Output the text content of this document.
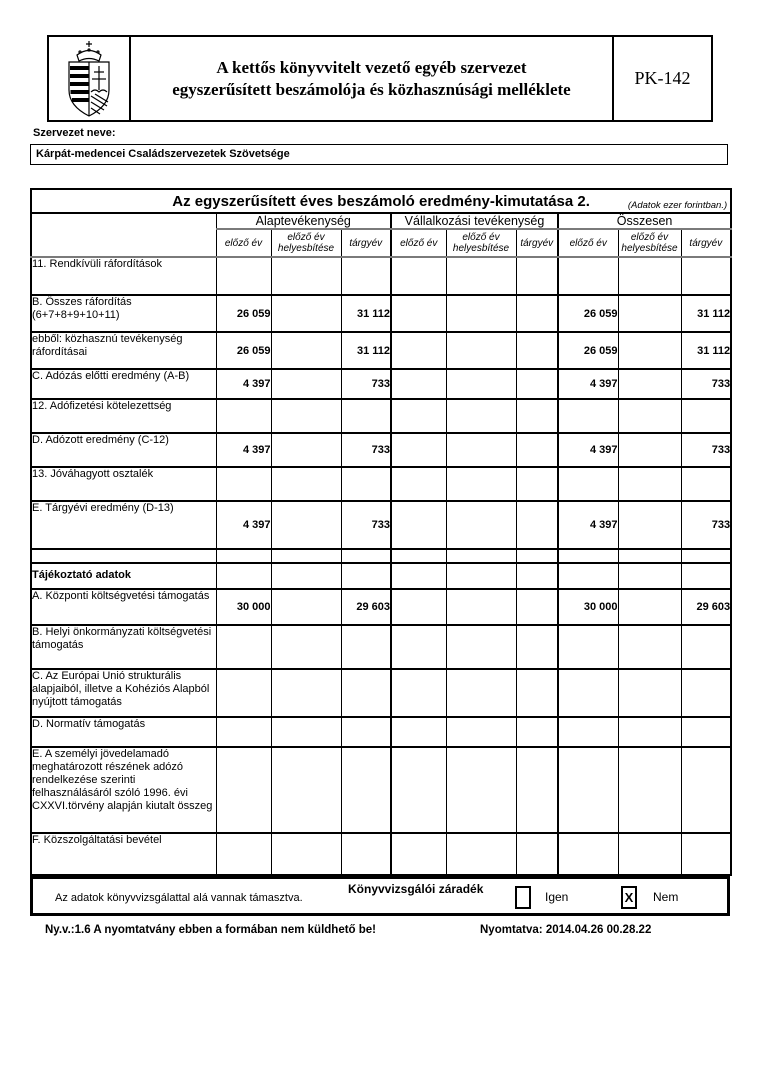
A kettős könyvvitelt vezető egyéb szervezet
egyszerűsített beszámolója és közhasznúsági melléklete
PK-142
Szervezet neve:
Kárpát-medencei Családszervezetek Szövetsége
Az egyszerűsített éves beszámoló eredmény-kimutatása 2. (Adatok ezer forintban.)									

	Alaptevékenység			Vállalkozási tevékenység			Összesen		
	előző év	előző év helyesbítése	tárgyév	előző év	előző év helyesbítése	tárgyév	előző év	előző év helyesbítése	tárgyév
11. Rendkívüli ráfordítások									
B. Összes ráfordítás (6+7+8+9+10+11)	26 059		31 112				26 059		31 112
ebből: közhasznú tevékenység ráfordításai	26 059		31 112				26 059		31 112
C. Adózás előtti eredmény (A-B)	4 397		733				4 397		733
12. Adófizetési kötelezettség									
D. Adózott eredmény (C-12)	4 397		733				4 397		733
13. Jóváhagyott osztalék									
E. Tárgyévi eredmény (D-13)	4 397		733				4 397		733

Tájékoztató adatok									
A. Központi költségvetési támogatás	30 000		29 603				30 000		29 603
B. Helyi önkormányzati költségvetési támogatás									
C. Az Európai Unió strukturális alapjaiból, illetve a Kohéziós Alapból nyújtott támogatás									
D. Normatív támogatás									
E. A személyi jövedelamadó meghatározott részének adózó rendelkezése szerinti felhasználásáról szóló 1996. évi CXXVI.törvény alapján kiutalt összeg									
F. Közszolgáltatási bevétel									
Az adatok könyvvizsgálattal alá vannak támasztva.
Könyvvizsgálói záradék
Igen	X	Nem
Ny.v.:1.6 A nyomtatvány ebben a formában nem küldhető be!	Nyomtatva: 2014.04.26 00.28.22
